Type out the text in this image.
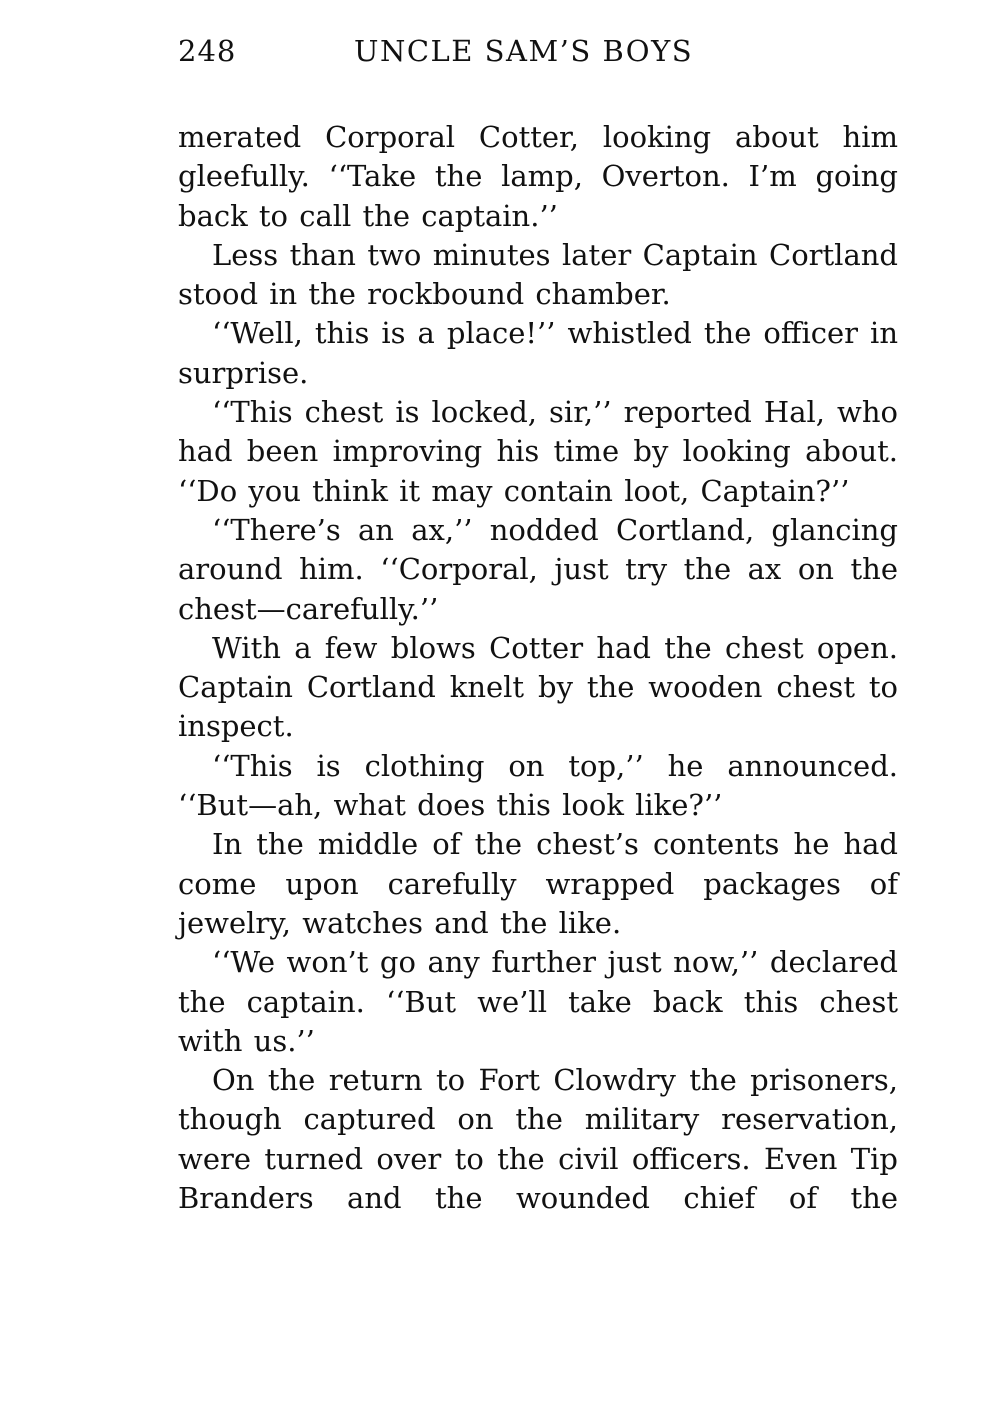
248	UNCLE SAM’S BOYS

merated Corporal Cotter, looking about him gleefully. ‘‘Take the lamp, Overton. I’m going back to call the captain.’’

Less than two minutes later Captain Cortland stood in the rockbound chamber.

‘‘Well, this is a place!’’ whistled the officer in surprise.

‘‘This chest is locked, sir,’’ reported Hal, who had been improving his time by looking about. ‘‘Do you think it may contain loot, Captain?’’

‘‘There’s an ax,’’ nodded Cortland, glancing around him. ‘‘Corporal, just try the ax on the chest—carefully.’’

With a few blows Cotter had the chest open. Captain Cortland knelt by the wooden chest to inspect.

‘‘This is clothing on top,’’ he announced. ‘‘But—ah, what does this look like?’’

In the middle of the chest’s contents he had come upon carefully wrapped packages of jewelry, watches and the like.

‘‘We won’t go any further just now,’’ declared the captain. ‘‘But we’ll take back this chest with us.’’

On the return to Fort Clowdry the prisoners, though captured on the military reservation, were turned over to the civil officers. Even Tip Branders and the wounded chief of the
